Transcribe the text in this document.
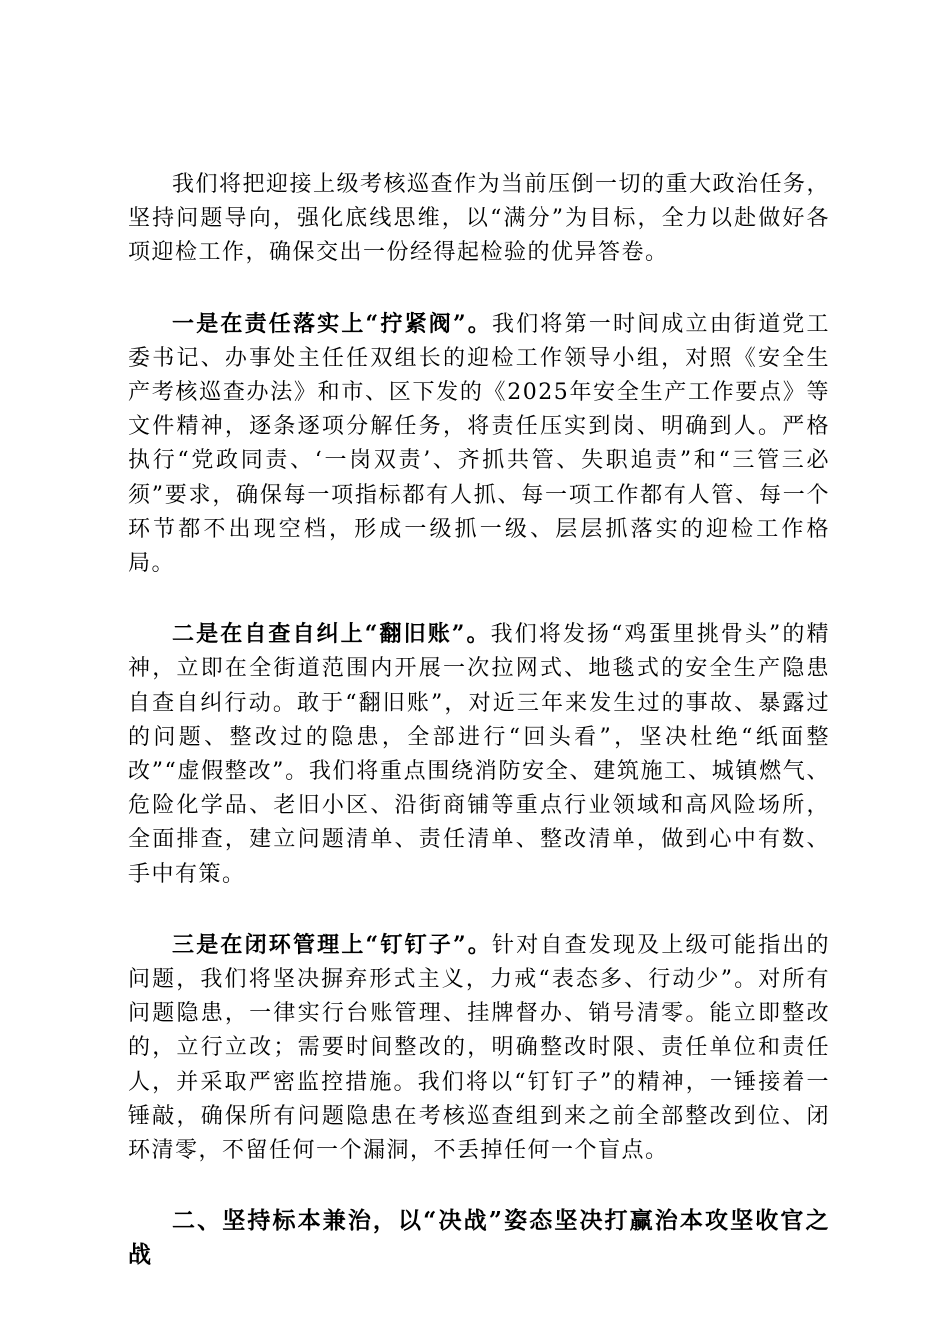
我们将把迎接上级考核巡查作为当前压倒一切的重大政治任务，坚持问题导向，强化底线思维，以“满分”为目标，全力以赴做好各项迎检工作，确保交出一份经得起检验的优异答卷。

一是在责任落实上“拧紧阀”。我们将第一时间成立由街道党工委书记、办事处主任任双组长的迎检工作领导小组，对照《安全生产考核巡查办法》和市、区下发的《2025年安全生产工作要点》等文件精神，逐条逐项分解任务，将责任压实到岗、明确到人。严格执行“党政同责、‘一岗双责’、齐抓共管、失职追责”和“三管三必须”要求，确保每一项指标都有人抓、每一项工作都有人管、每一个环节都不出现空档，形成一级抓一级、层层抓落实的迎检工作格局。

二是在自查自纠上“翻旧账”。我们将发扬“鸡蛋里挑骨头”的精神，立即在全街道范围内开展一次拉网式、地毯式的安全生产隐患自查自纠行动。敢于“翻旧账”，对近三年来发生过的事故、暴露过的问题、整改过的隐患，全部进行“回头看”，坚决杜绝“纸面整改”“虚假整改”。我们将重点围绕消防安全、建筑施工、城镇燃气、危险化学品、老旧小区、沿街商铺等重点行业领域和高风险场所，全面排查，建立问题清单、责任清单、整改清单，做到心中有数、手中有策。

三是在闭环管理上“钉钉子”。针对自查发现及上级可能指出的问题，我们将坚决摒弃形式主义，力戒“表态多、行动少”。对所有问题隐患，一律实行台账管理、挂牌督办、销号清零。能立即整改的，立行立改；需要时间整改的，明确整改时限、责任单位和责任人，并采取严密监控措施。我们将以“钉钉子”的精神，一锤接着一锤敲，确保所有问题隐患在考核巡查组到来之前全部整改到位、闭环清零，不留任何一个漏洞，不丢掉任何一个盲点。

二、坚持标本兼治，以“决战”姿态坚决打赢治本攻坚收官之战
